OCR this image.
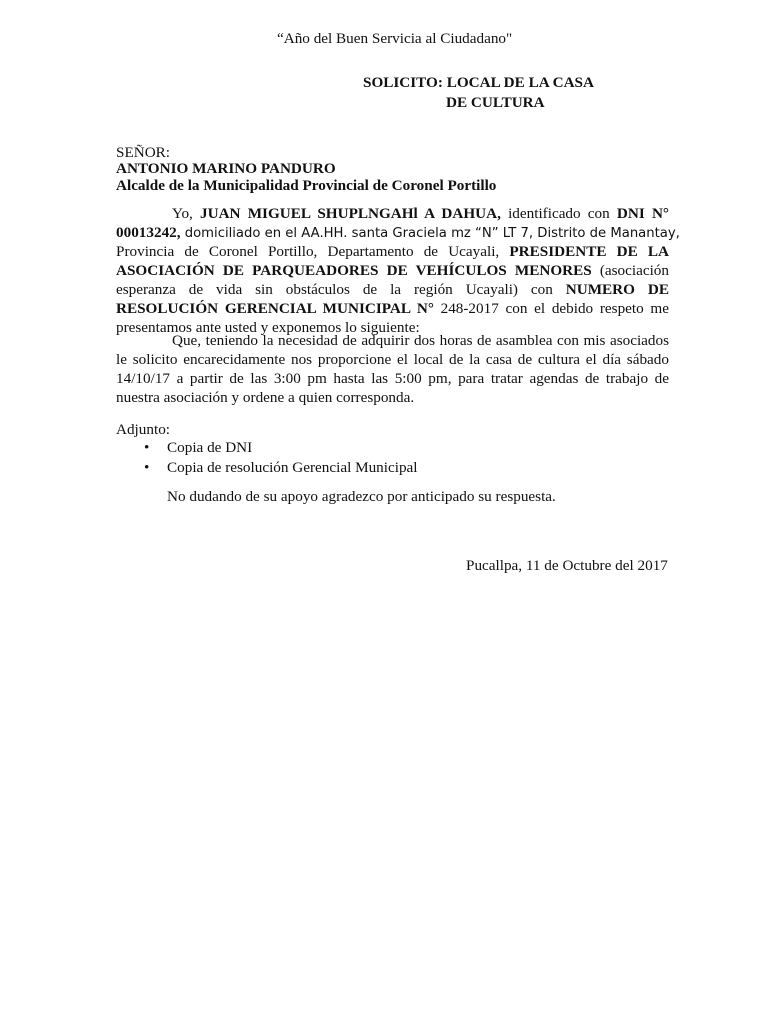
“Año del Buen Servicia al Ciudadano"
SOLICITO: LOCAL DE LA CASA
DE CULTURA
SEÑOR:
ANTONIO MARINO PANDURO
Alcalde de la Municipalidad Provincial de Coronel Portillo
Yo, JUAN MIGUEL SHUPLNGAHl A DAHUA, identificado con DNI N°
00013242, domiciliado en el AA.HH. santa Graciela mz “N” LT 7, Distrito de Manantay,
Provincia de Coronel Portillo, Departamento de Ucayali, PRESIDENTE DE LA
ASOCIACIÓN DE PARQUEADORES DE VEHÍCULOS MENORES (asociación
esperanza de vida sin obstáculos de la región Ucayali) con NUMERO DE
RESOLUCIÓN GERENCIAL MUNICIPAL N° 248-2017 con el debido respeto me
presentamos ante usted y exponemos lo siguiente:
Que, teniendo la necesidad de adquirir dos horas de asamblea con mis asociados
le solicito encarecidamente nos proporcione el local de la casa de cultura el día sábado
14/10/17 a partir de las 3:00 pm hasta las 5:00 pm, para tratar agendas de trabajo de
nuestra asociación y ordene a quien corresponda.
Adjunto:
• Copia de DNI
• Copia de resolución Gerencial Municipal
No dudando de su apoyo agradezco por anticipado su respuesta.
Pucallpa, 11 de Octubre del 2017
